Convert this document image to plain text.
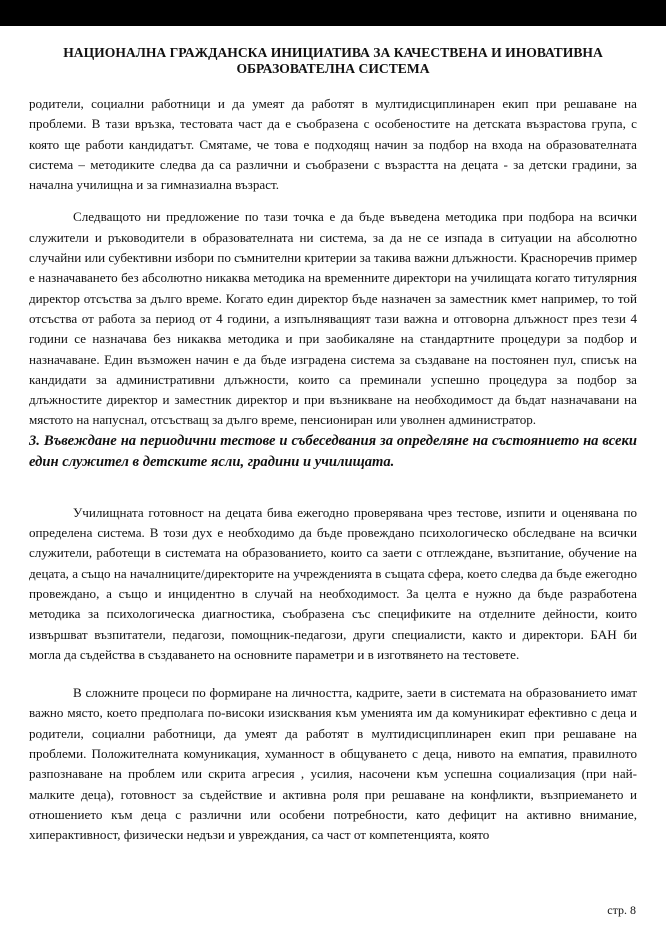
НАЦИОНАЛНА ГРАЖДАНСКА ИНИЦИАТИВА ЗА КАЧЕСТВЕНА И ИНОВАТИВНА ОБРАЗОВАТЕЛНА СИСТЕМА

родители, социални работници и да умеят да работят в мултидисциплинарен екип при решаване на проблеми. В тази връзка, тестовата част да е съобразена с особеностите на детската възрастова група, с която ще работи кандидатът. Смятаме, че това е подходящ начин за подбор на входа на образователната система – методиките следва да са различни и съобразени с възрастта на децата - за детски градини, за начална училищна и за гимназиална възраст.

Следващото ни предложение по тази точка е да бъде въведена методика при подбора на всички служители и ръководители в образователната ни система, за да не се изпада в ситуации на абсолютно случайни или субективни избори по съмнителни критерии за такива важни длъжности. Красноречив пример е назначаването без абсолютно никаква методика на временните директори на училищата когато титулярния директор отсъства за дълго време. Когато един директор бъде назначен за заместник кмет например, то той отсъства от работа за период от 4 години, а изпълняващият тази важна и отговорна длъжност през тези 4 години се назначава без никаква методика и при заобикаляне на стандартните процедури за подбор и назначаване. Един възможен начин е да бъде изградена система за създаване на постоянен пул, списък на кандидати за административни длъжности, които са преминали успешно процедура за подбор за длъжностите директор и заместник директор и при възникване на необходимост да бъдат назначавани на мястото на напуснал, отсъстващ за дълго време, пенсиониран или уволнен администратор.

3. Въвеждане на периодични тестове и събеседвания за определяне на състоянието на всеки един служител в детските ясли, градини и училищата.

Училищната готовност на децата бива ежегодно проверявана чрез тестове, изпити и оценявана по определена система. В този дух е необходимо да бъде провеждано психологическо обследване на всички служители, работещи в системата на образованието, които са заети с отглеждане, възпитание, обучение на децата, а също на началниците/директорите на учрежденията в същата сфера, което следва да бъде ежегодно провеждано, а също и инцидентно в случай на необходимост. За целта е нужно да бъде разработена методика за психологическа диагностика, съобразена със спецификите на отделните дейности, които извършват възпитатели, педагози, помощник-педагози, други специалисти, както и директори. БАН би могла да съдейства в създаването на основните параметри и в изготвянето на тестовете.

В сложните процеси по формиране на личността, кадрите, заети в системата на образованието имат важно място, което предполага по-високи изисквания към уменията им да комуникират ефективно с деца и родители, социални работници, да умеят да работят в мултидисциплинарен екип при решаване на проблеми. Положителната комуникация, хуманност в общуването с деца, нивото на емпатия, правилното разпознаване на проблем или скрита агресия , усилия, насочени към успешна социализация (при най-малките деца), готовност за съдействие и активна роля при решаване на конфликти, възприемането и отношението към деца с различни или особени потребности, като дефицит на активно внимание, хиперактивност, физически недъзи и увреждания, са част от компетенцията, която

стр. 8
